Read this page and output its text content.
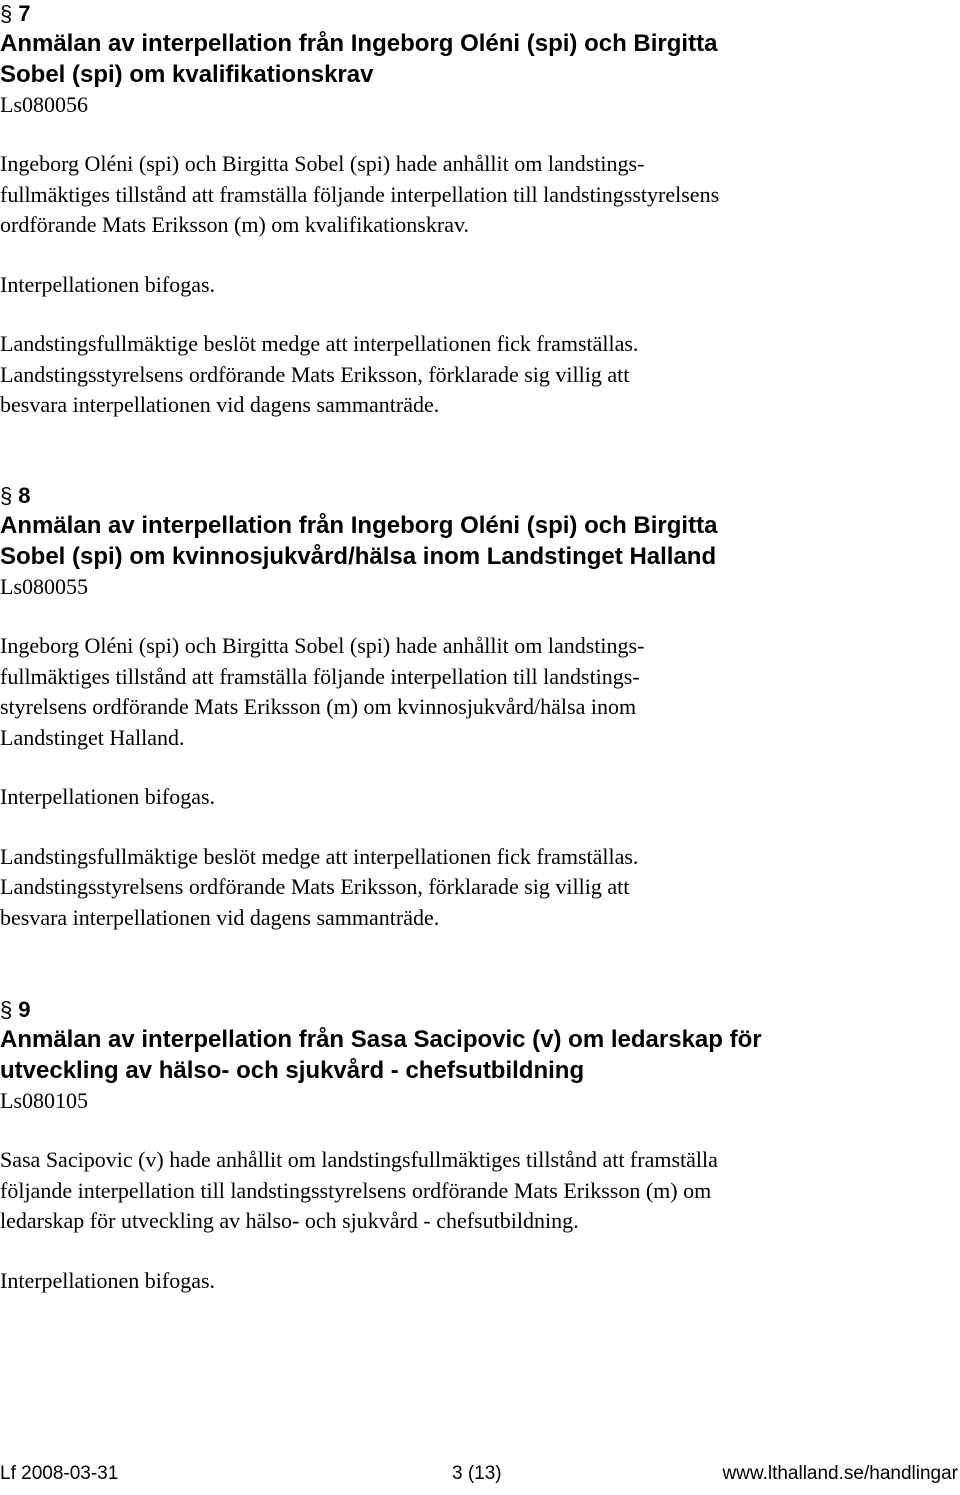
§ 7
Anmälan av interpellation från Ingeborg Oléni (spi) och Birgitta
Sobel (spi) om kvalifikationskrav
Ls080056
Ingeborg Oléni (spi) och Birgitta Sobel (spi) hade anhållit om landstings-
fullmäktiges tillstånd att framställa följande interpellation till landstingsstyrelsens
ordförande Mats Eriksson (m) om kvalifikationskrav.
Interpellationen bifogas.
Landstingsfullmäktige beslöt medge att interpellationen fick framställas.
Landstingsstyrelsens ordförande Mats Eriksson, förklarade sig villig att
besvara interpellationen vid dagens sammanträde.
§ 8
Anmälan av interpellation från Ingeborg Oléni (spi) och Birgitta
Sobel (spi) om kvinnosjukvård/hälsa inom Landstinget Halland
Ls080055
Ingeborg Oléni (spi) och Birgitta Sobel (spi) hade anhållit om landstings-
fullmäktiges tillstånd att framställa följande interpellation till landstings-
styrelsens ordförande Mats Eriksson (m) om kvinnosjukvård/hälsa inom
Landstinget Halland.
Interpellationen bifogas.
Landstingsfullmäktige beslöt medge att interpellationen fick framställas.
Landstingsstyrelsens ordförande Mats Eriksson, förklarade sig villig att
besvara interpellationen vid dagens sammanträde.
§ 9
Anmälan av interpellation från Sasa Sacipovic (v) om ledarskap för
utveckling av hälso- och sjukvård - chefsutbildning
Ls080105
Sasa Sacipovic (v) hade anhållit om landstingsfullmäktiges tillstånd att framställa
följande interpellation till landstingsstyrelsens ordförande Mats Eriksson (m) om
ledarskap för utveckling av hälso- och sjukvård - chefsutbildning.
Interpellationen bifogas.
Lf 2008-03-31	3 (13)	www.lthalland.se/handlingar
